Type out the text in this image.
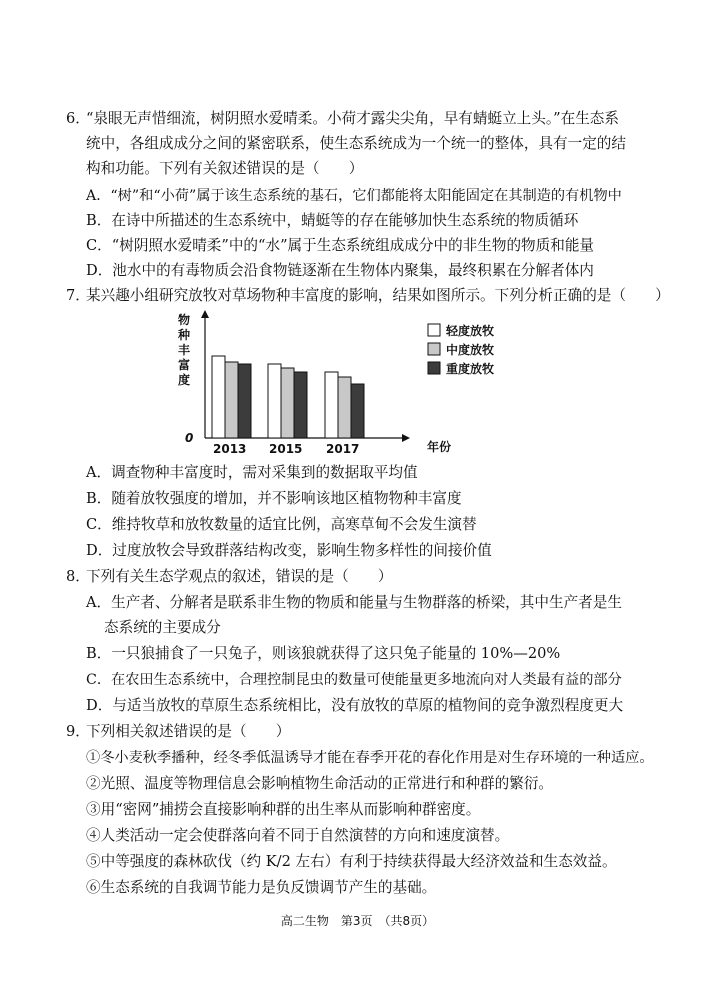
6．
“泉眼无声惜细流，树阴照水爱晴柔。小荷才露尖尖角，早有蜻蜓立上头。”在生态系
统中，各组成成分之间的紧密联系，使生态系统成为一个统一的整体，具有一定的结
构和功能。下列有关叙述错误的是（　　）
A．“树”和“小荷”属于该生态系统的基石，它们都能将太阳能固定在其制造的有机物中
B．在诗中所描述的生态系统中，蜻蜓等的存在能够加快生态系统的物质循环
C．“树阴照水爱晴柔”中的“水”属于生态系统组成成分中的非生物的物质和能量
D．池水中的有毒物质会沿食物链逐渐在生物体内聚集，最终积累在分解者体内
7．
某兴趣小组研究放牧对草场物种丰富度的影响，结果如图所示。下列分析正确的是（　　）
物
种
丰
富
度
0
年份
2013 2015 2017
轻度放牧
中度放牧
重度放牧
A．调查物种丰富度时，需对采集到的数据取平均值
B．随着放牧强度的增加，并不影响该地区植物物种丰富度
C．维持牧草和放牧数量的适宜比例，高寒草甸不会发生演替
D．过度放牧会导致群落结构改变，影响生物多样性的间接价值
8．
下列有关生态学观点的叙述，错误的是（　　）
A．生产者、分解者是联系非生物的物质和能量与生物群落的桥梁，其中生产者是生
态系统的主要成分
B．一只狼捕食了一只兔子，则该狼就获得了这只兔子能量的 10%—20%
C．在农田生态系统中，合理控制昆虫的数量可使能量更多地流向对人类最有益的部分
D．与适当放牧的草原生态系统相比，没有放牧的草原的植物间的竞争激烈程度更大
9．
下列相关叙述错误的是（　　）
①冬小麦秋季播种，经冬季低温诱导才能在春季开花的春化作用是对生存环境的一种适应。
②光照、温度等物理信息会影响植物生命活动的正常进行和种群的繁衍。
③用“密网”捕捞会直接影响种群的出生率从而影响种群密度。
④人类活动一定会使群落向着不同于自然演替的方向和速度演替。
⑤中等强度的森林砍伐（约 K/2 左右）有利于持续获得最大经济效益和生态效益。
⑥生态系统的自我调节能力是负反馈调节产生的基础。
高二生物　第3页　（共8页）
